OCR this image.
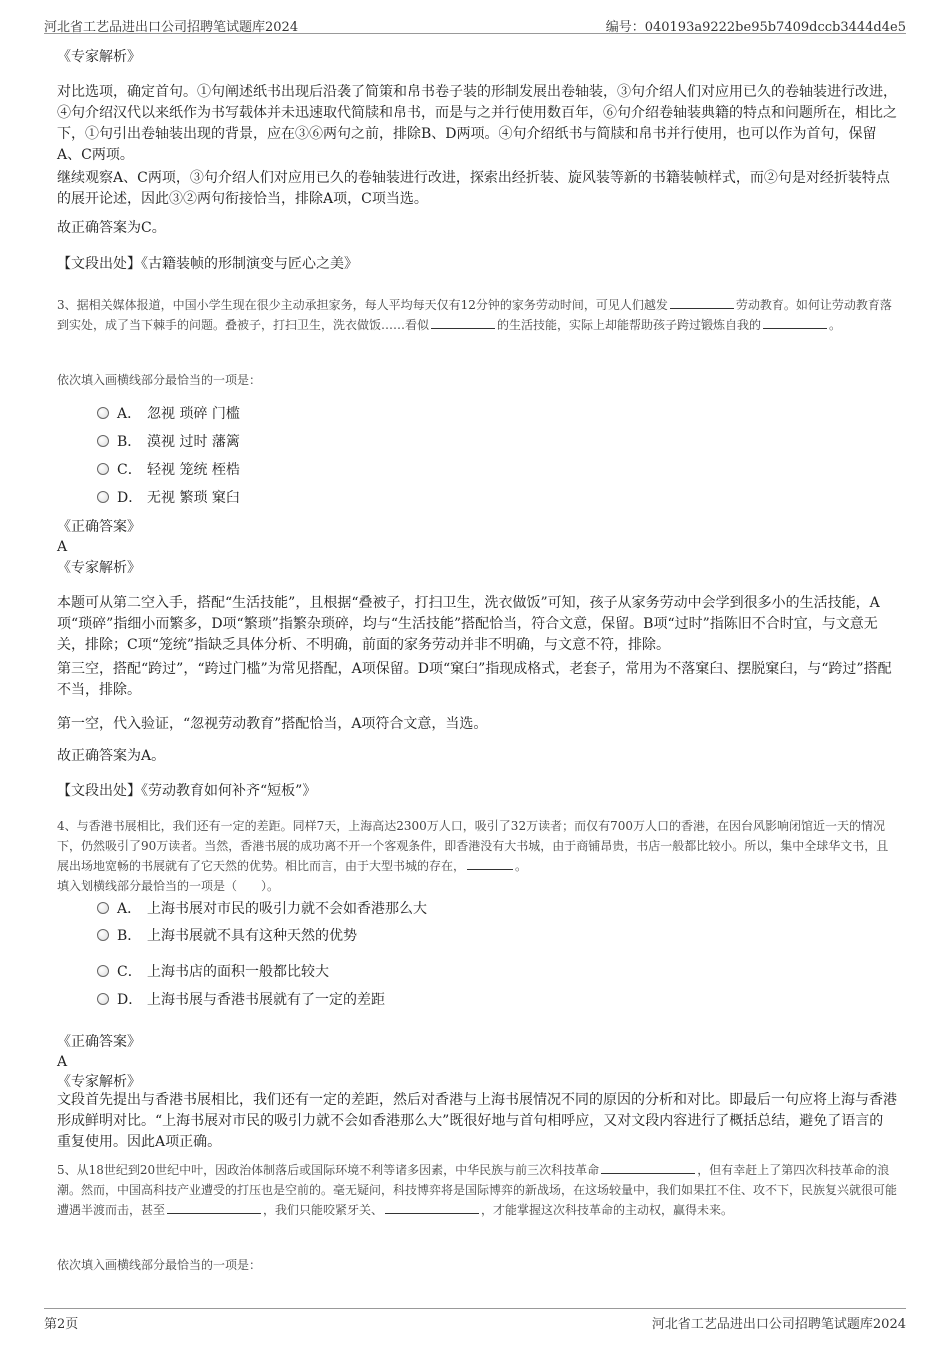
河北省工艺品进出口公司招聘笔试题库2024	编号：040193a9222be95b7409dccb3444d4e5
《专家解析》
对比选项，确定首句。①句阐述纸书出现后沿袭了简策和帛书卷子装的形制发展出卷轴装，③句介绍人们对应用已久的卷轴装进行改进，④句介绍汉代以来纸作为书写载体并未迅速取代简牍和帛书，而是与之并行使用数百年，⑥句介绍卷轴装典籍的特点和问题所在，相比之下，①句引出卷轴装出现的背景，应在③⑥两句之前，排除B、D两项。④句介绍纸书与简牍和帛书并行使用，也可以作为首句，保留A、C两项。
继续观察A、C两项，③句介绍人们对应用已久的卷轴装进行改进，探索出经折装、旋风装等新的书籍装帧样式，而②句是对经折装特点的展开论述，因此③②两句衔接恰当，排除A项，C项当选。
故正确答案为C。
【文段出处】《古籍装帧的形制演变与匠心之美》
3、据相关媒体报道，中国小学生现在很少主动承担家务，每人平均每天仅有12分钟的家务劳动时间，可见人们越发	劳动教育。如何让劳动教育落到实处，成了当下棘手的问题。叠被子，打扫卫生，洗衣做饭……看似	的生活技能，实际上却能帮助孩子跨过锻炼自我的	。
依次填入画横线部分最恰当的一项是：
A． 忽视 琐碎 门槛
B． 漠视 过时 藩篱
C． 轻视 笼统 桎梏
D． 无视 繁琐 窠臼
《正确答案》
A
《专家解析》
本题可从第二空入手，搭配“生活技能”，且根据“叠被子，打扫卫生，洗衣做饭”可知，孩子从家务劳动中会学到很多小的生活技能，A项“琐碎”指细小而繁多，D项“繁琐”指繁杂琐碎，均与“生活技能”搭配恰当，符合文意，保留。B项“过时”指陈旧不合时宜，与文意无关，排除；C项“笼统”指缺乏具体分析、不明确，前面的家务劳动并非不明确，与文意不符，排除。
第三空，搭配“跨过”，“跨过门槛”为常见搭配，A项保留。D项“窠臼”指现成格式，老套子，常用为不落窠臼、摆脱窠臼，与“跨过”搭配不当，排除。
第一空，代入验证，“忽视劳动教育”搭配恰当，A项符合文意，当选。
故正确答案为A。
【文段出处】《劳动教育如何补齐“短板”》
4、与香港书展相比，我们还有一定的差距。同样7天，上海高达2300万人口，吸引了32万读者；而仅有700万人口的香港，在因台风影响闭馆近一天的情况下，仍然吸引了90万读者。当然，香港书展的成功离不开一个客观条件，即香港没有大书城，由于商铺昂贵，书店一般都比较小。所以，集中全球华文书，且展出场地宽畅的书展就有了它天然的优势。相比而言，由于大型书城的存在，	。
填入划横线部分最恰当的一项是（　　）。
A． 上海书展对市民的吸引力就不会如香港那么大
B． 上海书展就不具有这种天然的优势
C． 上海书店的面积一般都比较大
D． 上海书展与香港书展就有了一定的差距
《正确答案》
A
《专家解析》
文段首先提出与香港书展相比，我们还有一定的差距，然后对香港与上海书展情况不同的原因的分析和对比。即最后一句应将上海与香港形成鲜明对比。“上海书展对市民的吸引力就不会如香港那么大”既很好地与首句相呼应，又对文段内容进行了概括总结，避免了语言的重复使用。因此A项正确。
5、从18世纪到20世纪中叶，因政治体制落后或国际环境不利等诸多因素，中华民族与前三次科技革命	，但有幸赶上了第四次科技革命的浪潮。然而，中国高科技产业遭受的打压也是空前的。毫无疑问，科技博弈将是国际博弈的新战场，在这场较量中，我们如果扛不住、攻不下，民族复兴就很可能遭遇半渡而击，甚至	，我们只能咬紧牙关、	，才能掌握这次科技革命的主动权，赢得未来。
依次填入画横线部分最恰当的一项是：
第2页	河北省工艺品进出口公司招聘笔试题库2024
